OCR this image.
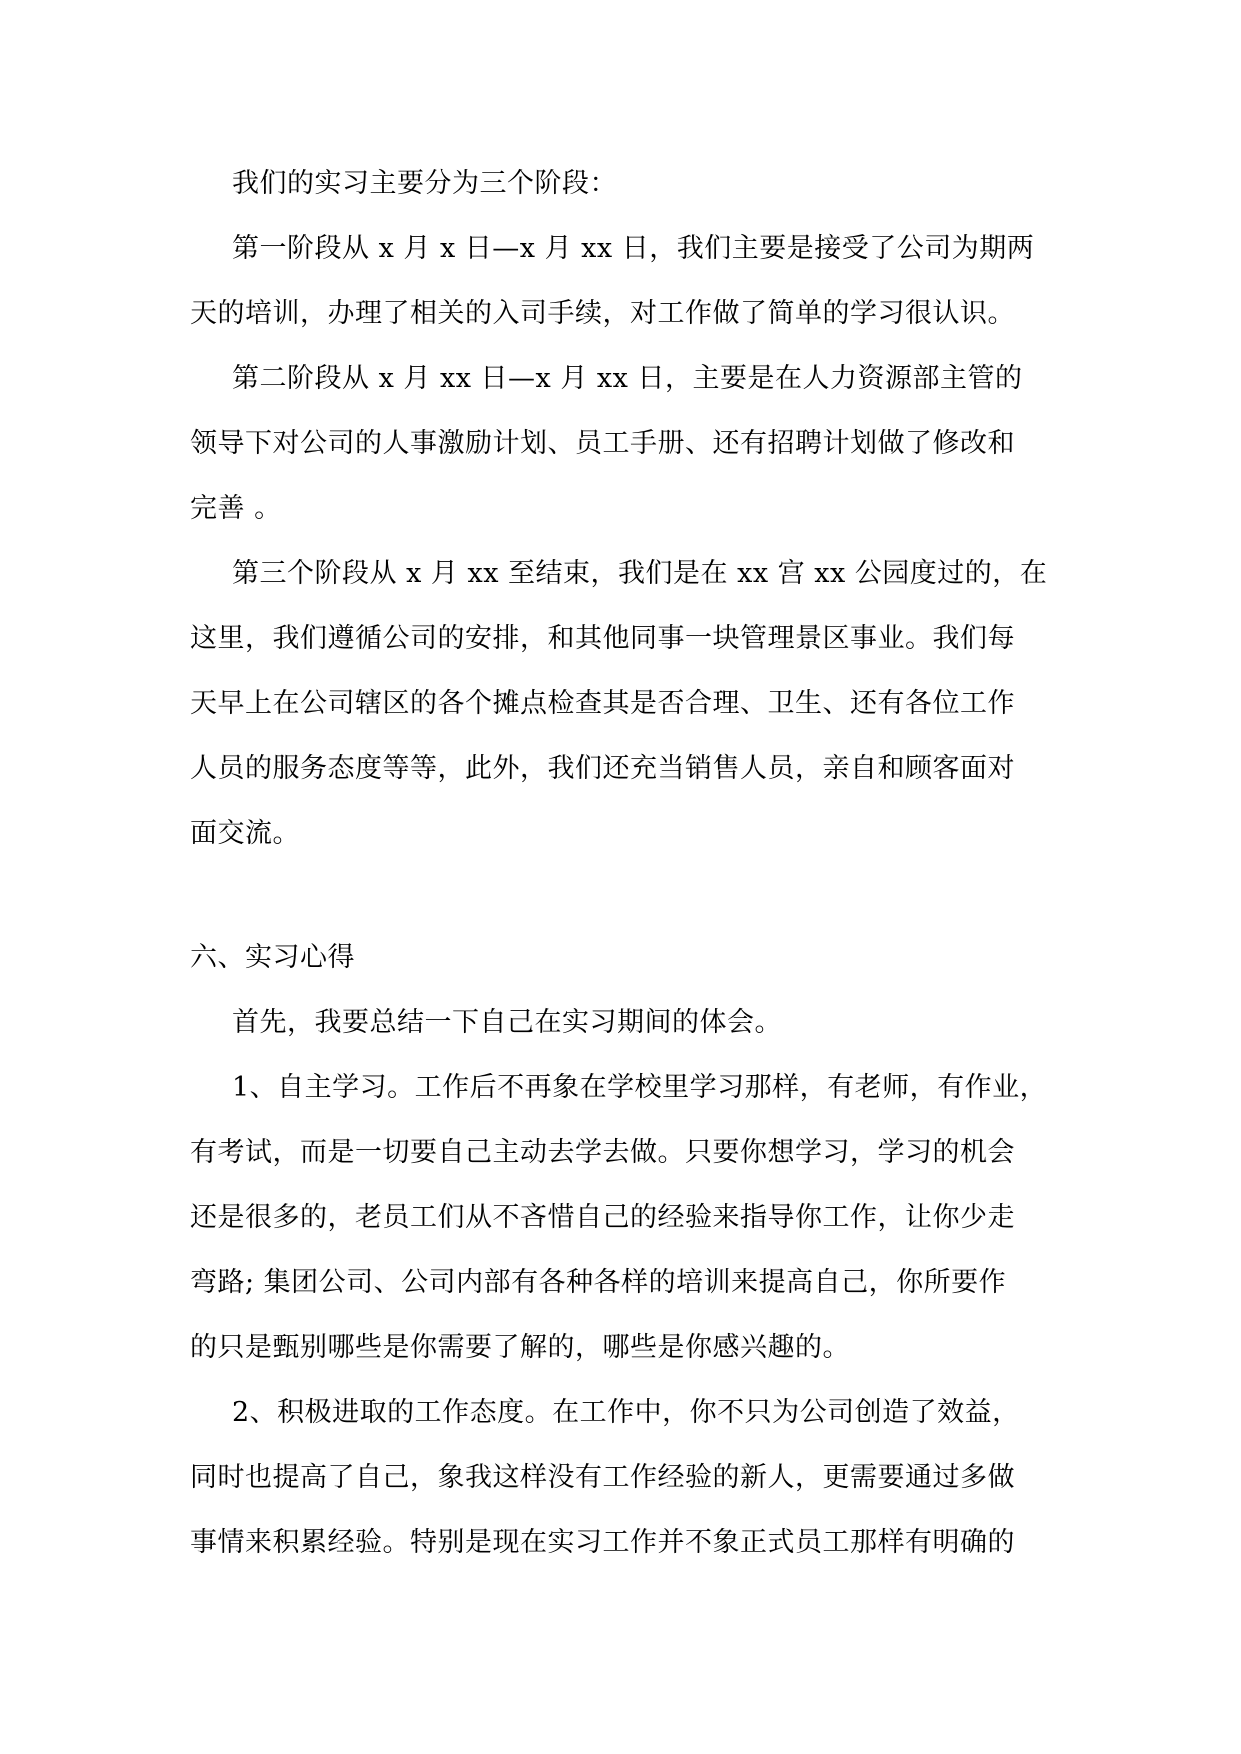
我们的实习主要分为三个阶段：
第一阶段从 x 月 x 日—x 月 xx 日，我们主要是接受了公司为期两
天的培训，办理了相关的入司手续，对工作做了简单的学习很认识。
第二阶段从 x 月 xx 日—x 月 xx 日，主要是在人力资源部主管的
领导下对公司的人事激励计划、员工手册、还有招聘计划做了修改和
完善 。
第三个阶段从 x 月 xx 至结束，我们是在 xx 宫 xx 公园度过的，在
这里，我们遵循公司的安排，和其他同事一块管理景区事业。我们每
天早上在公司辖区的各个摊点检查其是否合理、卫生、还有各位工作
人员的服务态度等等，此外，我们还充当销售人员，亲自和顾客面对
面交流。
六、实习心得
首先，我要总结一下自己在实习期间的体会。
1、自主学习。工作后不再象在学校里学习那样，有老师，有作业，
有考试，而是一切要自己主动去学去做。只要你想学习，学习的机会
还是很多的，老员工们从不吝惜自己的经验来指导你工作，让你少走
弯路; 集团公司、公司内部有各种各样的培训来提高自己，你所要作
的只是甄别哪些是你需要了解的，哪些是你感兴趣的。
2、积极进取的工作态度。在工作中，你不只为公司创造了效益，
同时也提高了自己，象我这样没有工作经验的新人，更需要通过多做
事情来积累经验。特别是现在实习工作并不象正式员工那样有明确的
